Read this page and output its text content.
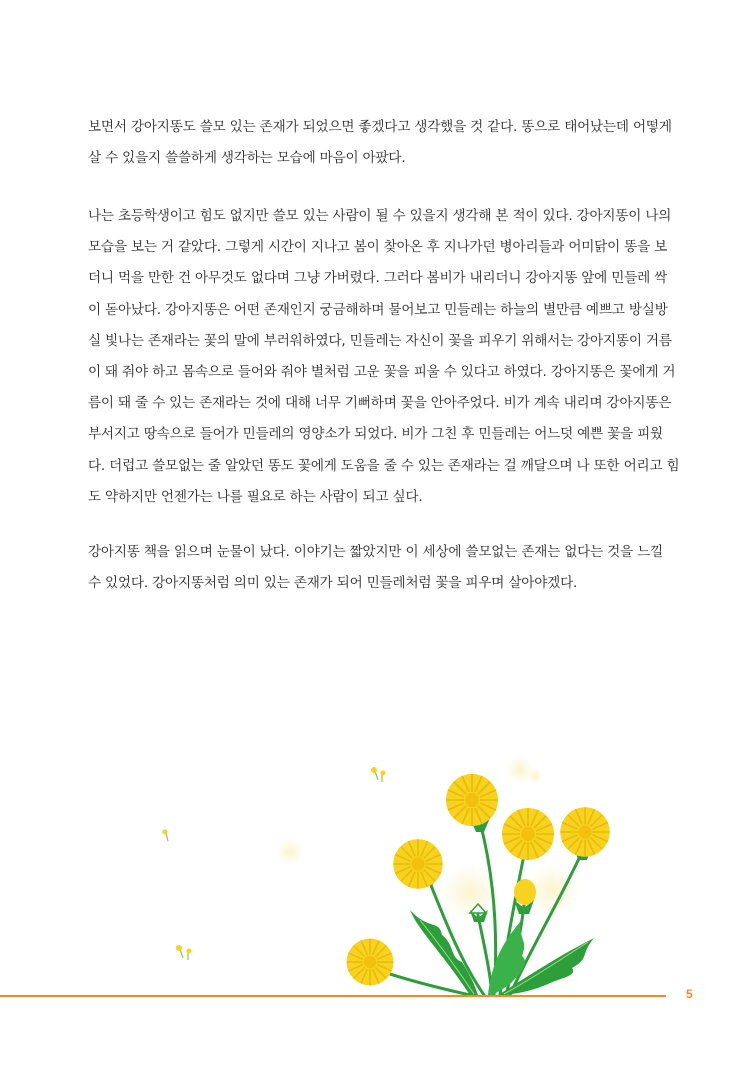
보면서 강아지똥도 쓸모 있는 존재가 되었으면 좋겠다고 생각했을 것 같다. 똥으로 태어났는데 어떻게
살 수 있을지 쓸쓸하게 생각하는 모습에 마음이 아팠다.

나는 초등학생이고 힘도 없지만 쓸모 있는 사람이 될 수 있을지 생각해 본 적이 있다. 강아지똥이 나의
모습을 보는 거 같았다. 그렇게 시간이 지나고 봄이 찾아온 후 지나가던 병아리들과 어미닭이 똥을 보
더니 먹을 만한 건 아무것도 없다며 그냥 가버렸다. 그러다 봄비가 내리더니 강아지똥 앞에 민들레 싹
이 돋아났다. 강아지똥은 어떤 존재인지 궁금해하며 물어보고 민들레는 하늘의 별만큼 예쁘고 방실방
실 빛나는 존재라는 꽃의 말에 부러워하였다, 민들레는 자신이 꽃을 피우기 위해서는 강아지똥이 거름
이 돼 줘야 하고 몸속으로 들어와 줘야 별처럼 고운 꽃을 피울 수 있다고 하였다. 강아지똥은 꽃에게 거
름이 돼 줄 수 있는 존재라는 것에 대해 너무 기뻐하며 꽃을 안아주었다. 비가 계속 내리며 강아지똥은
부서지고 땅속으로 들어가 민들레의 영양소가 되었다. 비가 그친 후 민들레는 어느덧 예쁜 꽃을 피웠
다. 더럽고 쓸모없는 줄 알았던 똥도 꽃에게 도움을 줄 수 있는 존재라는 걸 깨달으며 나 또한 어리고 힘
도 약하지만 언젠가는 나를 필요로 하는 사람이 되고 싶다.

강아지똥 책을 읽으며 눈물이 났다. 이야기는 짧았지만 이 세상에 쓸모없는 존재는 없다는 것을 느낄
수 있었다. 강아지똥처럼 의미 있는 존재가 되어 민들레처럼 꽃을 피우며 살아야겠다.

5
